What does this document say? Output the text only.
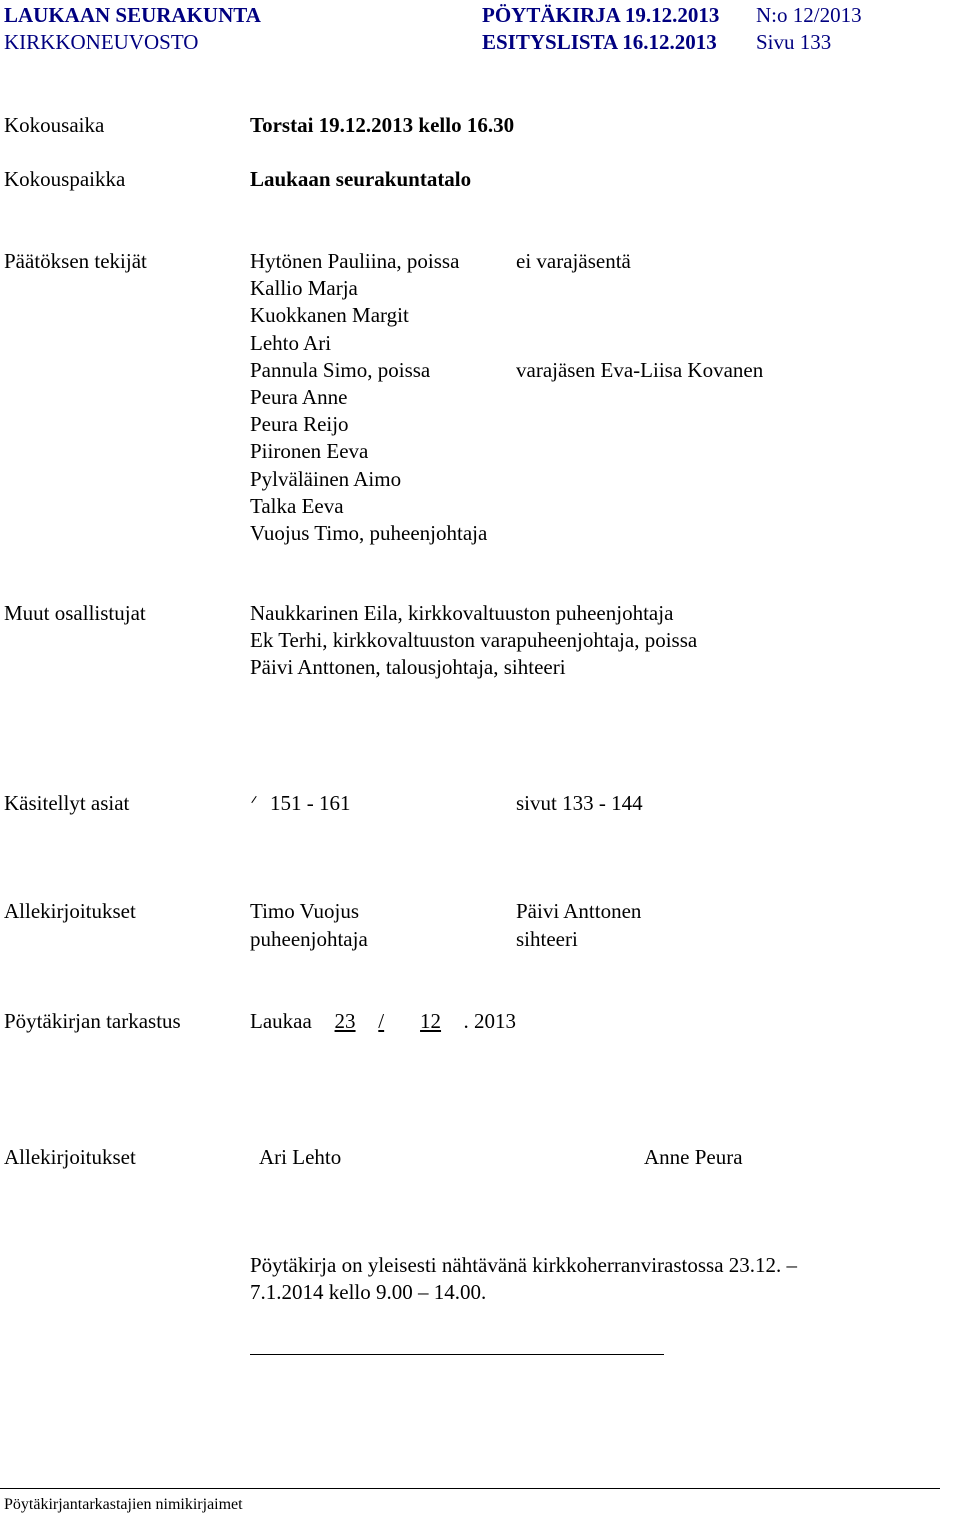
LAUKAAN SEURAKUNTA	PÖYTÄKIRJA 19.12.2013 N:o 12/2013
KIRKKONEUVOSTO	ESITYSLISTA 16.12.2013 Sivu 133
Kokousaika	Torstai 19.12.2013 kello 16.30
Kokouspaikka	Laukaan seurakuntatalo
Päätöksen tekijät	Hytönen Pauliina, poissa	ei varajäsentä
Kallio Marja
Kuokkanen Margit
Lehto Ari
Pannula Simo, poissa	varajäsen Eva-Liisa Kovanen
Peura Anne
Peura Reijo
Piironen Eeva
Pylväläinen Aimo
Talka Eeva
Vuojus Timo, puheenjohtaja
Muut osallistujat	Naukkarinen Eila, kirkkovaltuuston puheenjohtaja
Ek Terhi, kirkkovaltuuston varapuheenjohtaja, poissa
Päivi Anttonen, talousjohtaja, sihteeri
Käsitellyt asiat	151 - 161	sivut 133 - 144
Allekirjoitukset	Timo Vuojus	Päivi Anttonen
puheenjohtaja	sihteeri
Pöytäkirjan tarkastus	Laukaa 23 / 12 . 2013
Allekirjoitukset	Ari Lehto	Anne Peura
Pöytäkirja on yleisesti nähtävänä kirkkoherranvirastossa 23.12. –
7.1.2014 kello 9.00 – 14.00.
Pöytäkirjantarkastajien nimikirjaimet
